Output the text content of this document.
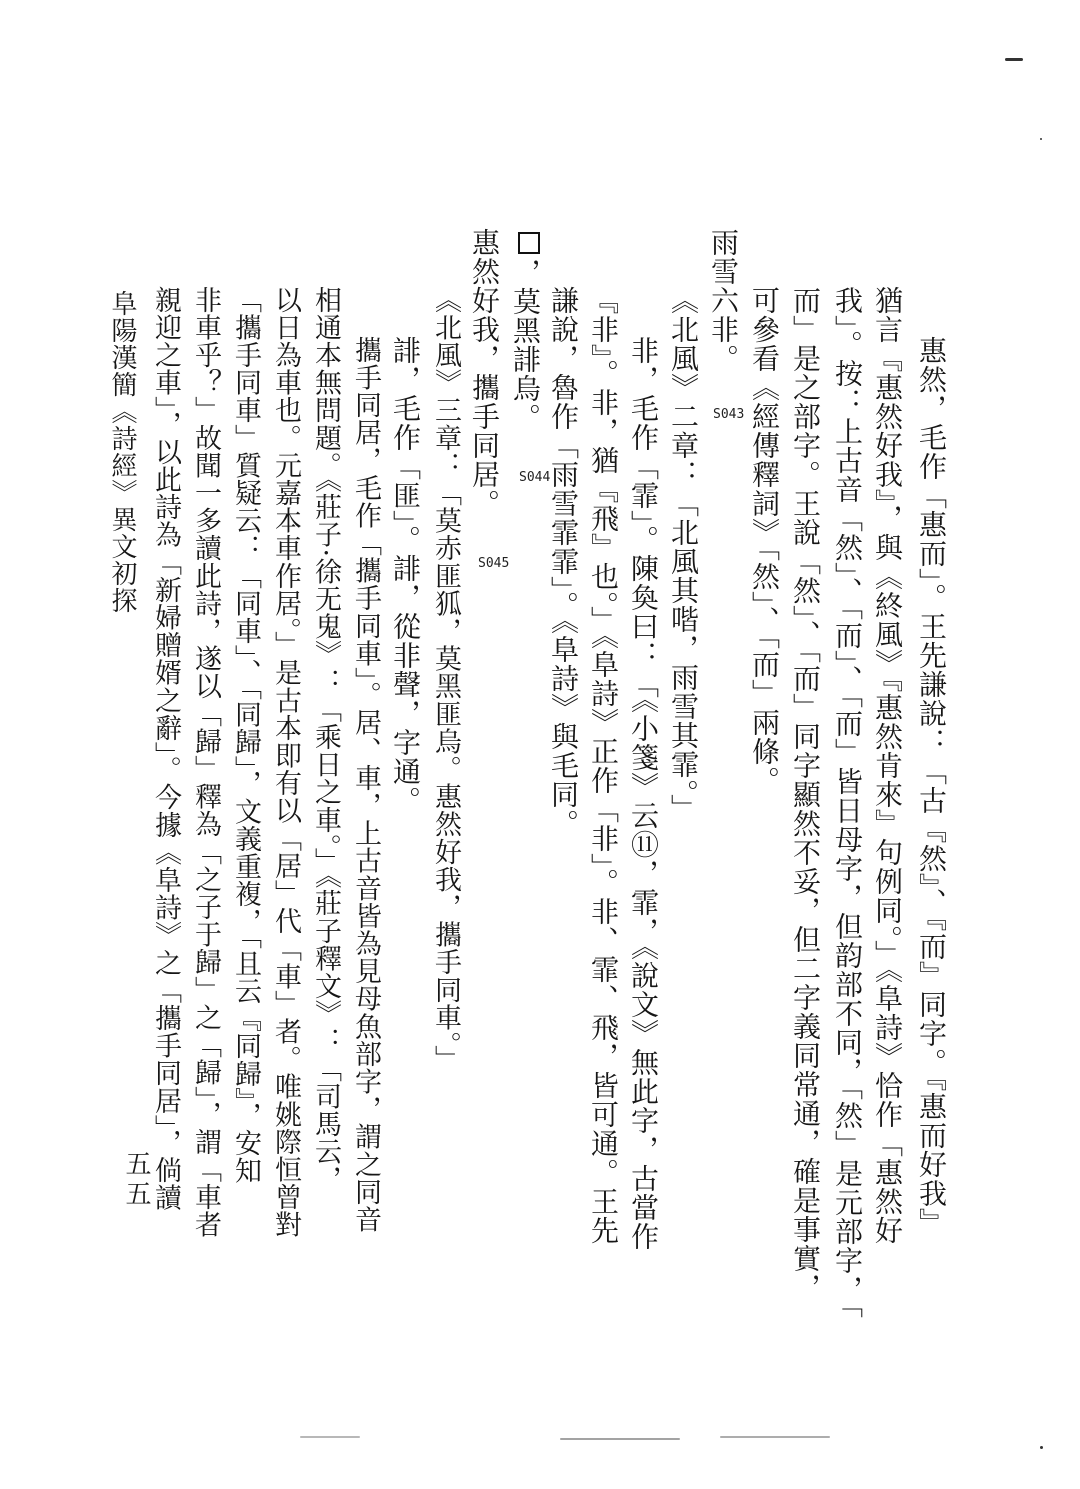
惠然，毛作「惠而」。王先謙說：「古『然』、『而』同字。『惠而好我』
猶言『惠然好我』，與《終風》『惠然肯來』句例同。」《阜詩》恰作「惠然好
我」。按：上古音「然」、「而」、「而」皆日母字，但韵部不同，「然」是元部字，「
而」是之部字。王說「然」、「而」同字顯然不妥，但二字義同常通，確是事實，
可參看《經傳釋詞》「然」、「而」兩條。
雨雪六非。
S043
《北風》二章：「北風其喈，雨雪其霏。」
非，毛作「霏」。陳奐曰：「《小箋》云⑪，霏，《說文》無此字，古當作
『非』。非，猶『飛』也。」《阜詩》正作「非」。非、霏、飛，皆可通。王先
謙說，魯作「雨雪霏霏」。《阜詩》與毛同。
，莫黑誹烏。
S044
惠然好我，攜手同居。
S045
《北風》三章：「莫赤匪狐，莫黑匪烏。惠然好我，攜手同車。」
誹，毛作「匪」。誹，從非聲，字通。
攜手同居，毛作「攜手同車」。居、車，上古音皆為見母魚部字，謂之同音
相通本無問題。《莊子·徐无鬼》：「乘日之車。」《莊子釋文》：「司馬云，
以日為車也。元嘉本車作居。」是古本即有以「居」代「車」者。唯姚際恒曾對
「攜手同車」質疑云：「同車」、「同歸」，文義重複，「且云『同歸』，安知
非車乎？」故聞一多讀此詩，遂以「歸」釋為「之子于歸」之「歸」，謂「車者
親迎之車」，以此詩為「新婦贈婿之辭」。今據《阜詩》之「攜手同居」，倘讀
阜陽漢簡《詩經》異文初探
五五
